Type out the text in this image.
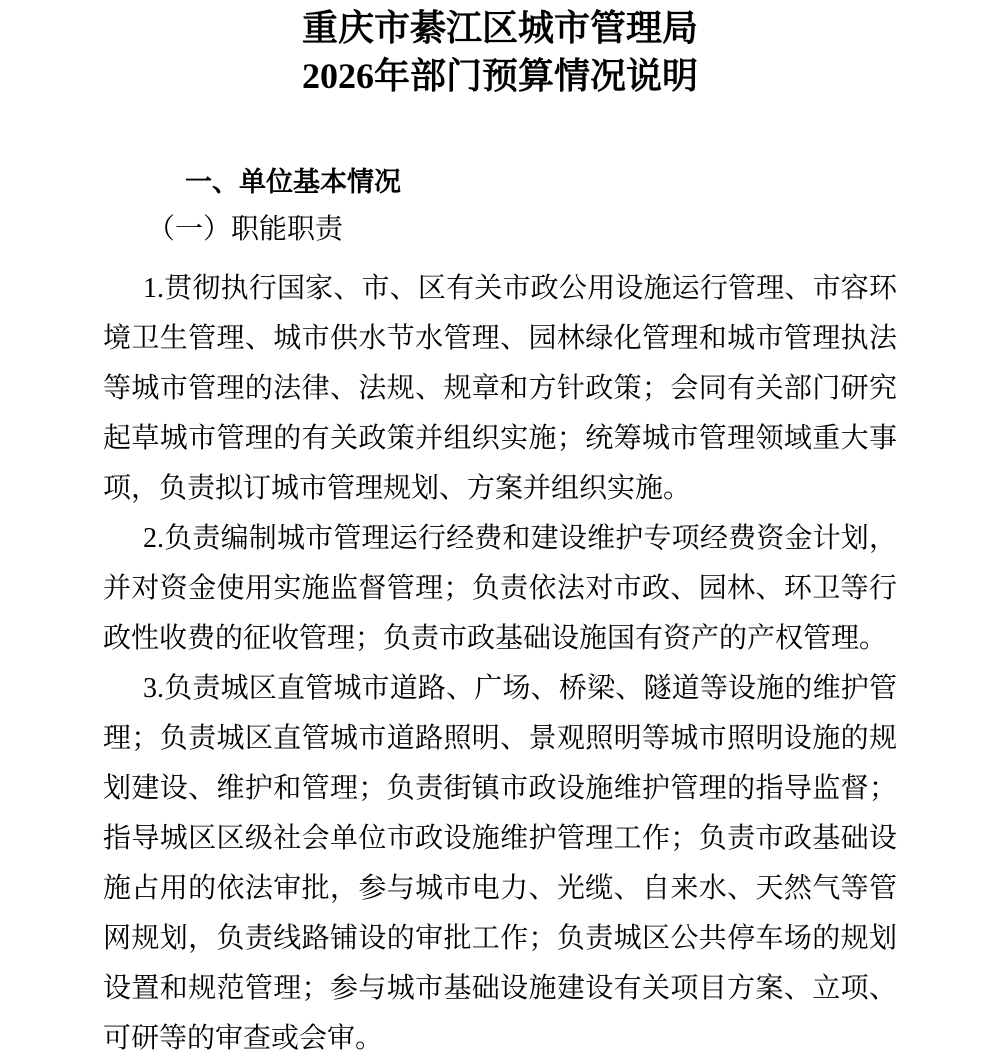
重庆市綦江区城市管理局
2026年部门预算情况说明
一、单位基本情况
（一）职能职责

1.贯彻执行国家、市、区有关市政公用设施运行管理、市容环境卫生管理、城市供水节水管理、园林绿化管理和城市管理执法等城市管理的法律、法规、规章和方针政策；会同有关部门研究起草城市管理的有关政策并组织实施；统筹城市管理领域重大事项，负责拟订城市管理规划、方案并组织实施。

2.负责编制城市管理运行经费和建设维护专项经费资金计划，并对资金使用实施监督管理；负责依法对市政、园林、环卫等行政性收费的征收管理；负责市政基础设施国有资产的产权管理。

3.负责城区直管城市道路、广场、桥梁、隧道等设施的维护管理；负责城区直管城市道路照明、景观照明等城市照明设施的规划建设、维护和管理；负责街镇市政设施维护管理的指导监督；指导城区区级社会单位市政设施维护管理工作；负责市政基础设施占用的依法审批，参与城市电力、光缆、自来水、天然气等管网规划，负责线路铺设的审批工作；负责城区公共停车场的规划设置和规范管理；参与城市基础设施建设有关项目方案、立项、可研等的审查或会审。
